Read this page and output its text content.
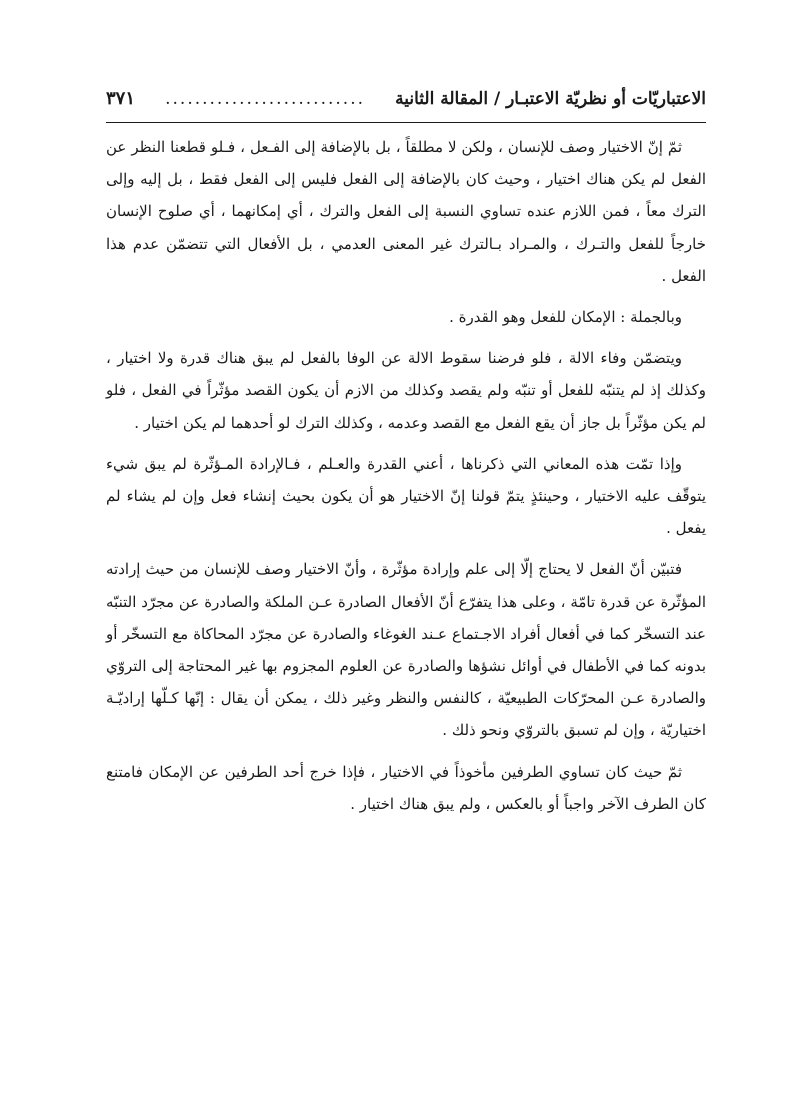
الاعتباريّات أو نظريّة الاعتبـار / المقالة الثانية
...........................
٣٧١

ثمّ إنّ الاختيار وصف للإنسان ، ولكن لا مطلقاً ، بل بالإضافة إلى الفـعل ، فـلو قطعنا النظر عن الفعل لم يكن هناك اختيار ، وحيث كان بالإضافة إلى الفعل فليس إلى الفعل فقط ، بل إليه وإلى الترك معاً ، فمن اللازم عنده تساوي النسبة إلى الفعل والترك ، أي إمكانهما ، أي صلوح الإنسان خارجاً للفعل والتـرك ، والمـراد بـالترك غير المعنى العدمي ، بل الأفعال التي تتضمّن عدم هذا الفعل .

وبالجملة : الإمكان للفعل وهو القدرة .

ويتضمّن وفاء الالة ، فلو فرضنا سقوط الالة عن الوفا بالفعل لم يبق هناك قدرة ولا اختيار ، وكذلك إذ لم يتنبّه للفعل أو تنبّه ولم يقصد وكذلك من الازم أن يكون القصد مؤثّراً في الفعل ، فلو لم يكن مؤثّراً بل جاز أن يقع الفعل مع القصد وعدمه ، وكذلك الترك لو أحدهما لم يكن اختيار .

وإذا تمّت هذه المعاني التي ذكرناها ، أعني القدرة والعـلم ، فـالإرادة المـؤثّرة لم يبق شيء يتوقّف عليه الاختيار ، وحينئذٍ يتمّ قولنا إنّ الاختيار هو أن يكون بحيث إنشاء فعل وإن لم يشاء لم يفعل .

فتبيّن أنّ الفعل لا يحتاج إلّا إلى علم وإرادة مؤثّرة ، وأنّ الاختيار وصف للإنسان من حيث إرادته المؤثّرة عن قدرة تامّة ، وعلى هذا يتفرّع أنّ الأفعال الصادرة عـن الملكة والصادرة عن مجرّد التنبّه عند التسخّر كما في أفعال أفراد الاجـتماع عـند الغوغاء والصادرة عن مجرّد المحاكاة مع التسخّر أو بدونه كما في الأطفال في أوائل نشؤها والصادرة عن العلوم المجزوم بها غير المحتاجة إلى التروّي والصادرة عـن المحرّكات الطبيعيّة ، كالنفس والنظر وغير ذلك ، يمكن أن يقال : إنّها كـلّها إراديّـة اختياريّة ، وإن لم تسبق بالتروّي ونحو ذلك .

ثمّ حيث كان تساوي الطرفين مأخوذاً في الاختيار ، فإذا خرج أحد الطرفين عن الإمكان فامتنع كان الطرف الآخر واجباً أو بالعكس ، ولم يبق هناك اختيار .
